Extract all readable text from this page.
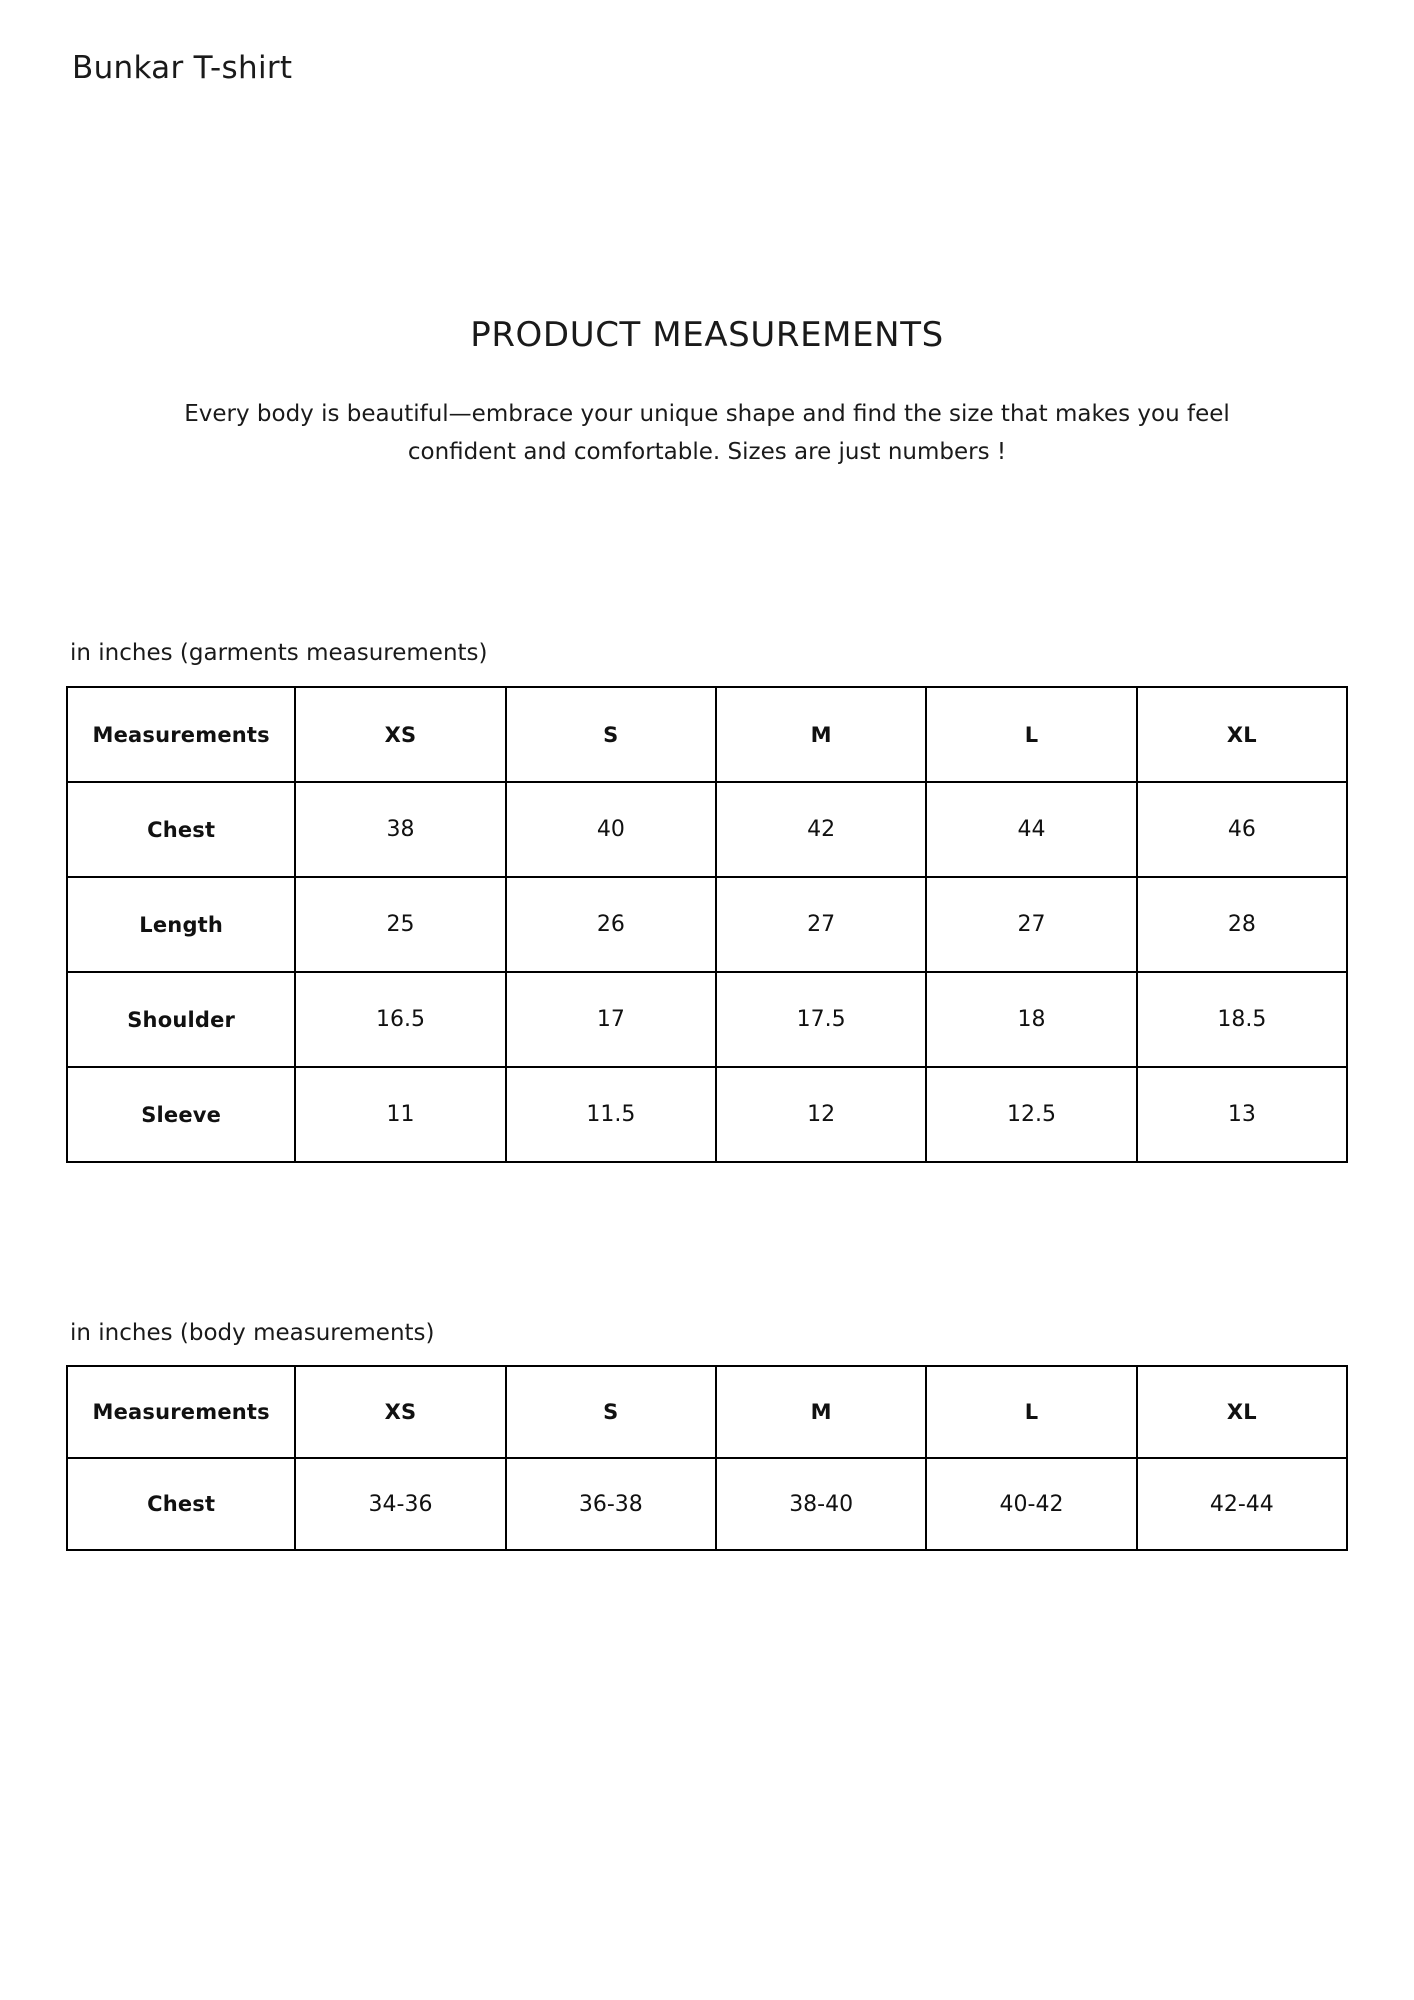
Bunkar T-shirt
PRODUCT MEASUREMENTS
Every body is beautiful—embrace your unique shape and find the size that makes you feel confident and comfortable. Sizes are just numbers !
in inches (garments measurements)
Measurements	XS	S	M	L	XL
Chest	38	40	42	44	46
Length	25	26	27	27	28
Shoulder	16.5	17	17.5	18	18.5
Sleeve	11	11.5	12	12.5	13
in inches (body measurements)
Measurements	XS	S	M	L	XL
Chest	34-36	36-38	38-40	40-42	42-44
